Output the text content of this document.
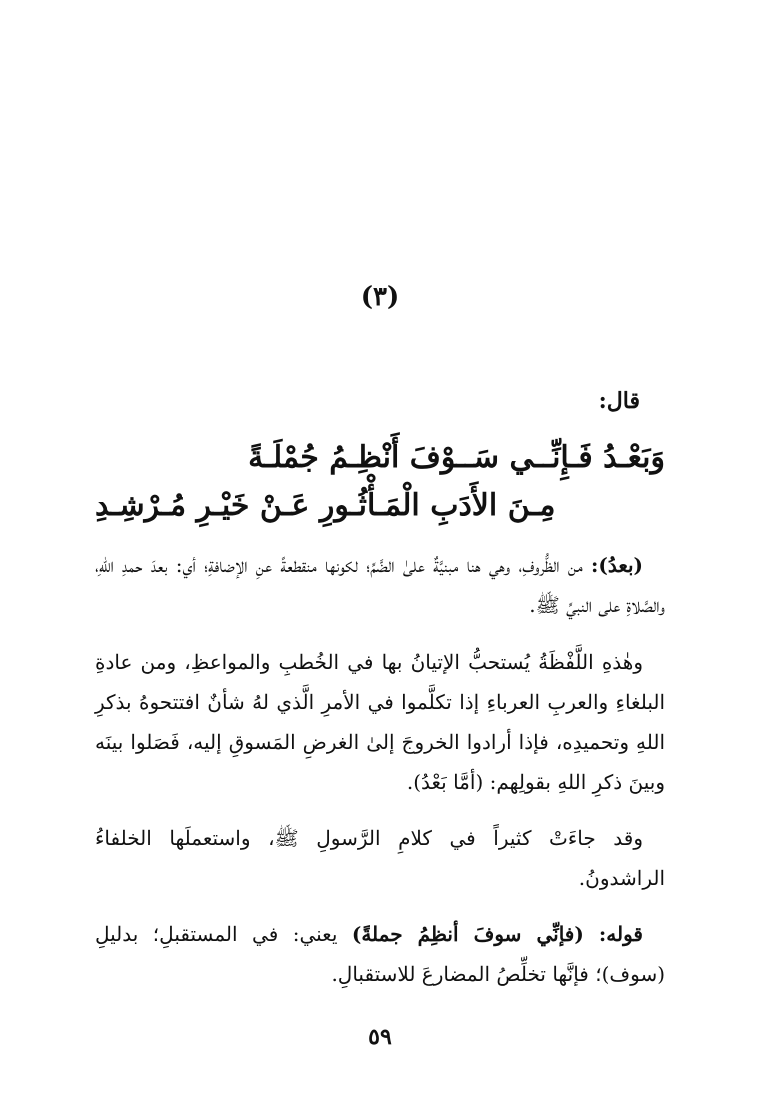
(٣)
قال:
وَبَعْـدُ فَـإِنِّــي سَــوْفَ أَنْظِـمُ جُمْلَـةً
مِـنَ الأَدَبِ الْمَـأْثُـورِ عَـنْ خَيْـرِ مُـرْشِـدِ
(بعدُ): من الظُّروفِ، وهي هنا مبنيَّةٌ علىٰ الضَّمِّ؛ لكونها منقطعةً عنِ الإضافةِ؛ أي: بعدَ حمدِ اللهِ، والصَّلاةِ على النبيِّ ﷺ.
وهٰذهِ اللَّفْظَةُ يُستحبُّ الإتيانُ بها في الخُطبِ والمواعظِ، ومن عادةِ البلغاءِ والعربِ العرباءِ إذا تكلَّموا في الأمرِ الَّذي لهُ شأنٌ افتتحوهُ بذكرِ اللهِ وتحميدِه، فإذا أرادوا الخروجَ إلىٰ الغرضِ المَسوقِ إليه، فَصَلوا بينَه وبينَ ذكرِ اللهِ بقولِهم: (أمَّا بَعْدُ).
وقد جاءَتْ كثيراً في كلامِ الرَّسولِ ﷺ، واستعملَها الخلفاءُ الراشدونُ.
قوله: (فإنِّي سوفَ أنظِمُ جملةً) يعني: في المستقبلِ؛ بدليلِ (سوف)؛ فإنَّها تخلِّصُ المضارعَ للاستقبالِ.
٥٩
